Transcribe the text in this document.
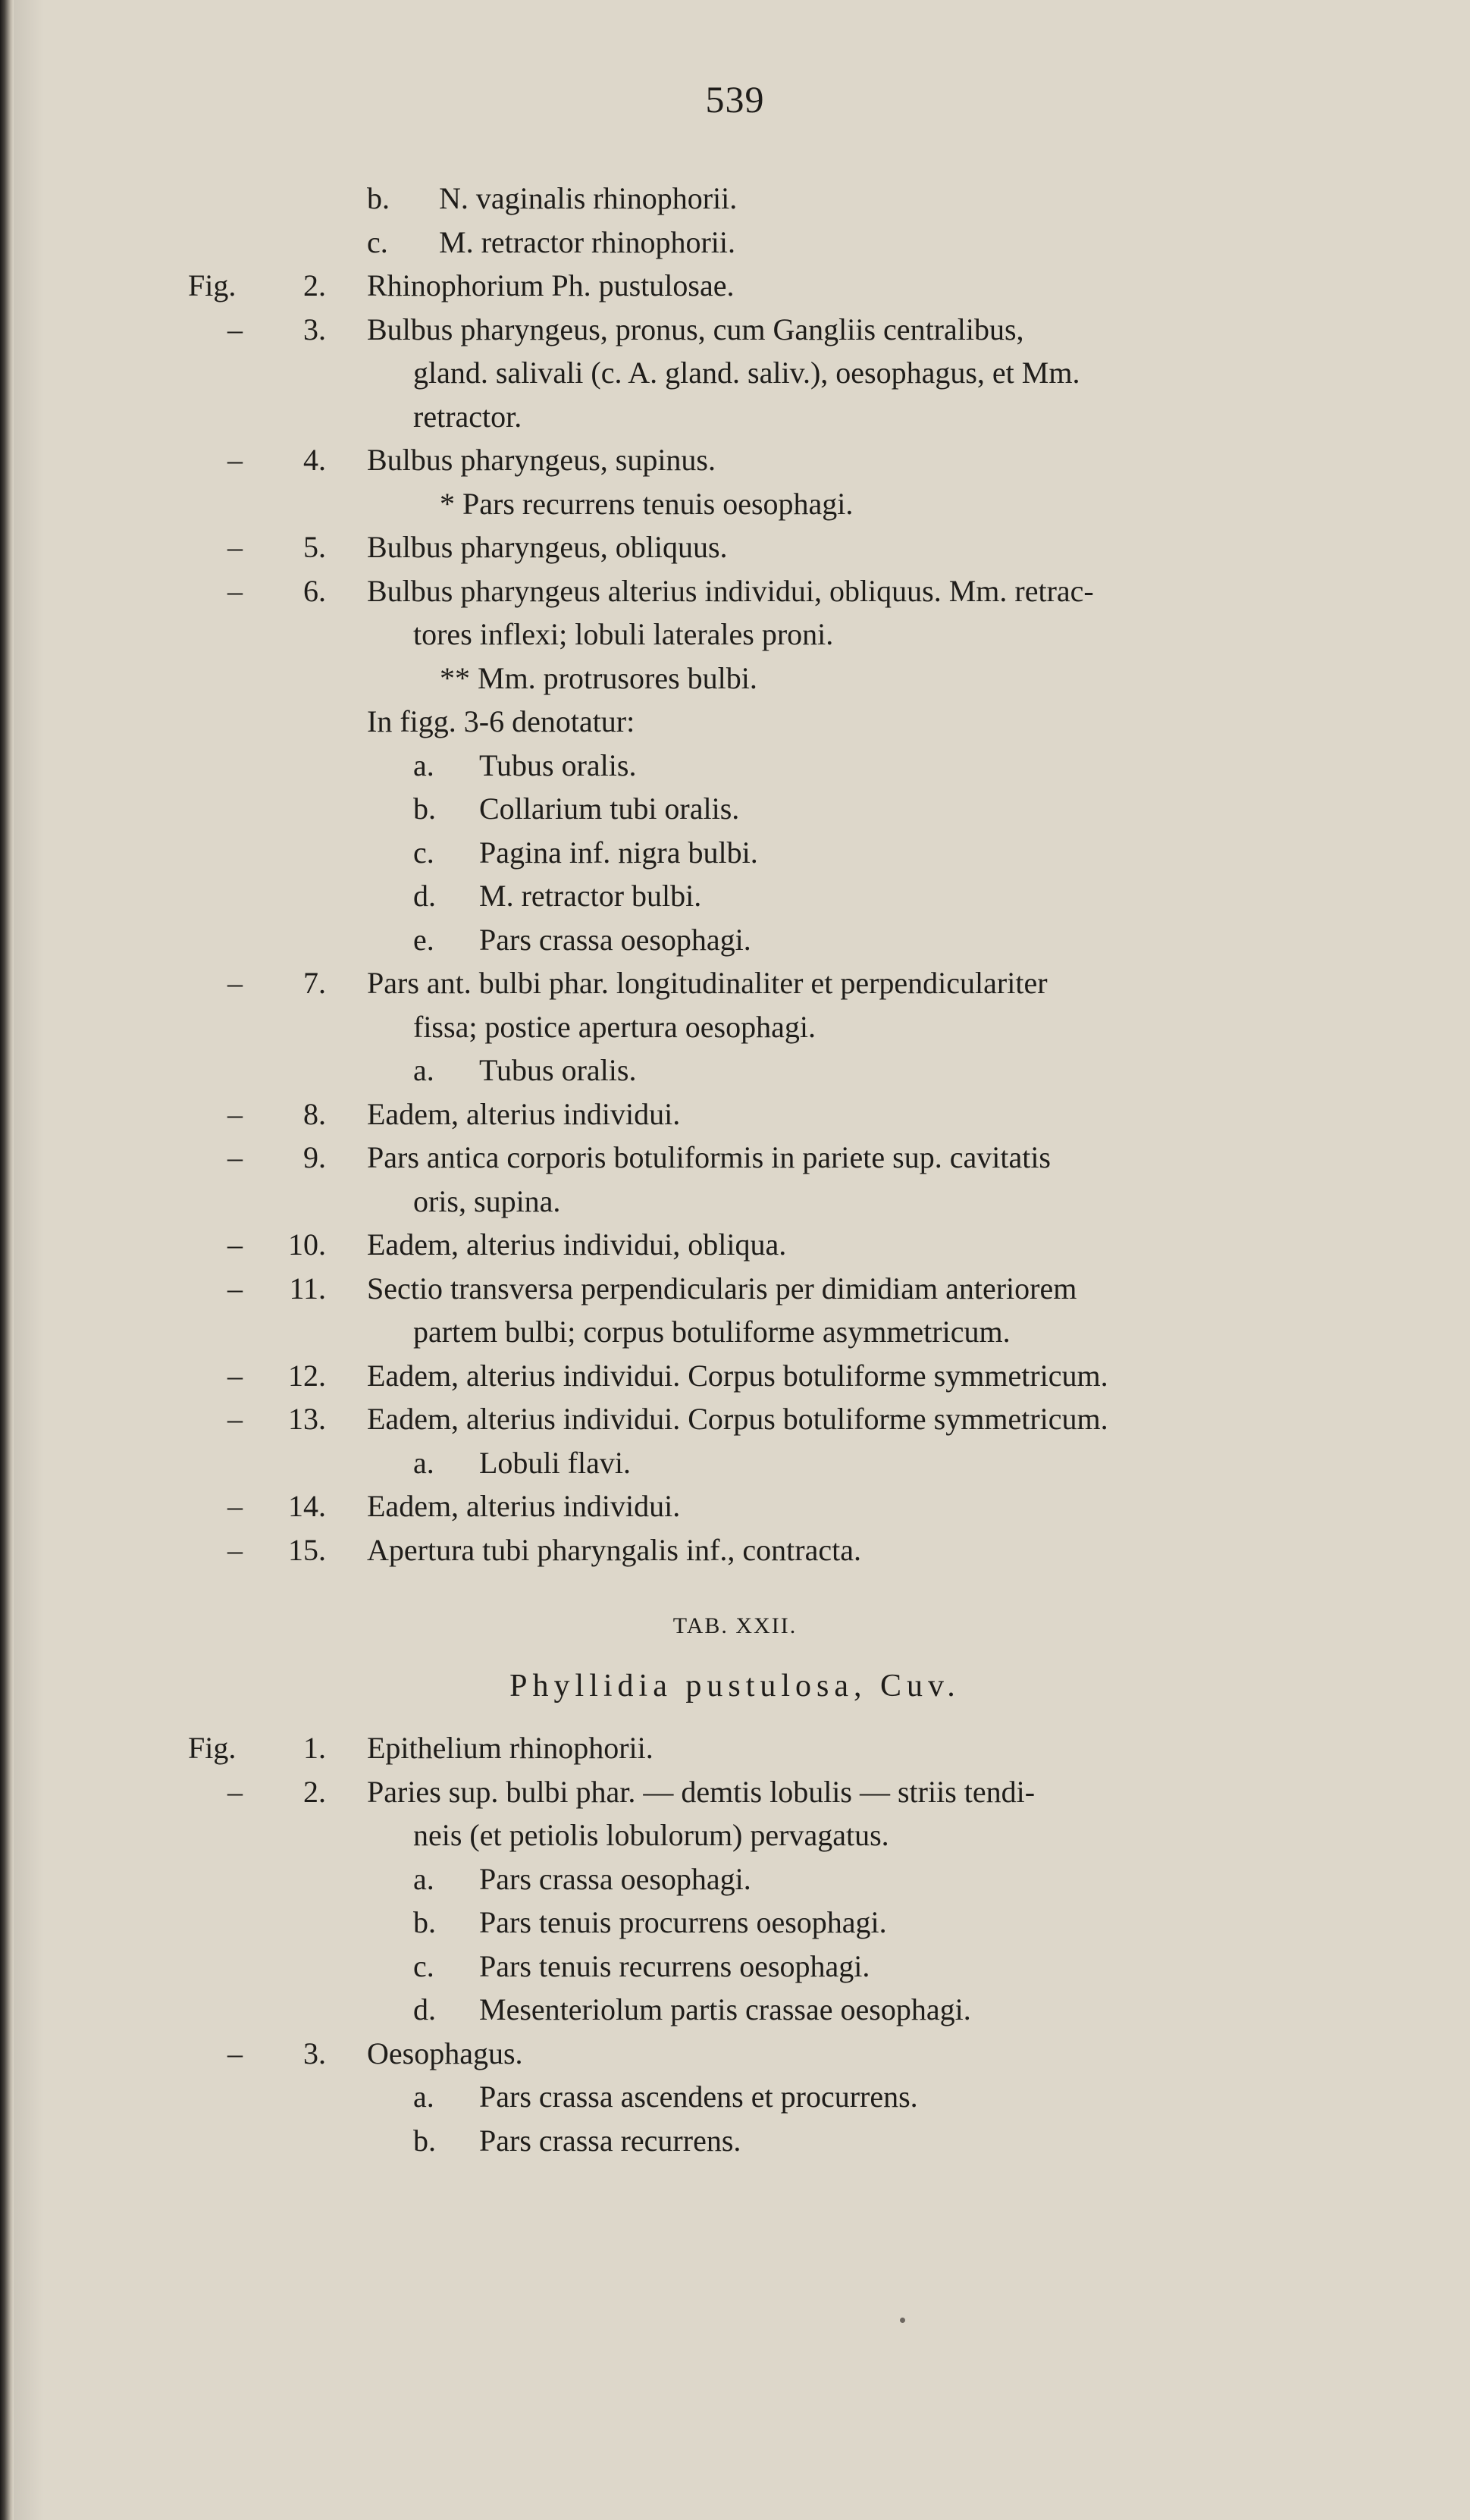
539
b. N. vaginalis rhinophorii.
c. M. retractor rhinophorii.
Fig.	2. Rhinophorium Ph. pustulosae.
–	3. Bulbus pharyngeus, pronus, cum Gangliis centralibus,
gland. salivali (c. A. gland. saliv.), oesophagus, et Mm.
retractor.
–	4. Bulbus pharyngeus, supinus.
* Pars recurrens tenuis oesophagi.
–	5. Bulbus pharyngeus, obliquus.
–	6. Bulbus pharyngeus alterius individui, obliquus. Mm. retrac-
tores inflexi; lobuli laterales proni.
** Mm. protrusores bulbi.
In figg. 3-6 denotatur:
a. Tubus oralis.
b. Collarium tubi oralis.
c. Pagina inf. nigra bulbi.
d. M. retractor bulbi.
e. Pars crassa oesophagi.
–	7. Pars ant. bulbi phar. longitudinaliter et perpendiculariter
fissa; postice apertura oesophagi.
a. Tubus oralis.
–	8. Eadem, alterius individui.
–	9. Pars antica corporis botuliformis in pariete sup. cavitatis
oris, supina.
–	10. Eadem, alterius individui, obliqua.
–	11. Sectio transversa perpendicularis per dimidiam anteriorem
partem bulbi; corpus botuliforme asymmetricum.
–	12. Eadem, alterius individui. Corpus botuliforme symmetricum.
–	13. Eadem, alterius individui. Corpus botuliforme symmetricum.
a. Lobuli flavi.
–	14. Eadem, alterius individui.
–	15. Apertura tubi pharyngalis inf., contracta.
TAB. XXII.
Phyllidia pustulosa, Cuv.
Fig.	1. Epithelium rhinophorii.
–	2. Paries sup. bulbi phar. — demtis lobulis — striis tendi-
neis (et petiolis lobulorum) pervagatus.
a. Pars crassa oesophagi.
b. Pars tenuis procurrens oesophagi.
c. Pars tenuis recurrens oesophagi.
d. Mesenteriolum partis crassae oesophagi.
–	3. Oesophagus.
a. Pars crassa ascendens et procurrens.
b. Pars crassa recurrens.
